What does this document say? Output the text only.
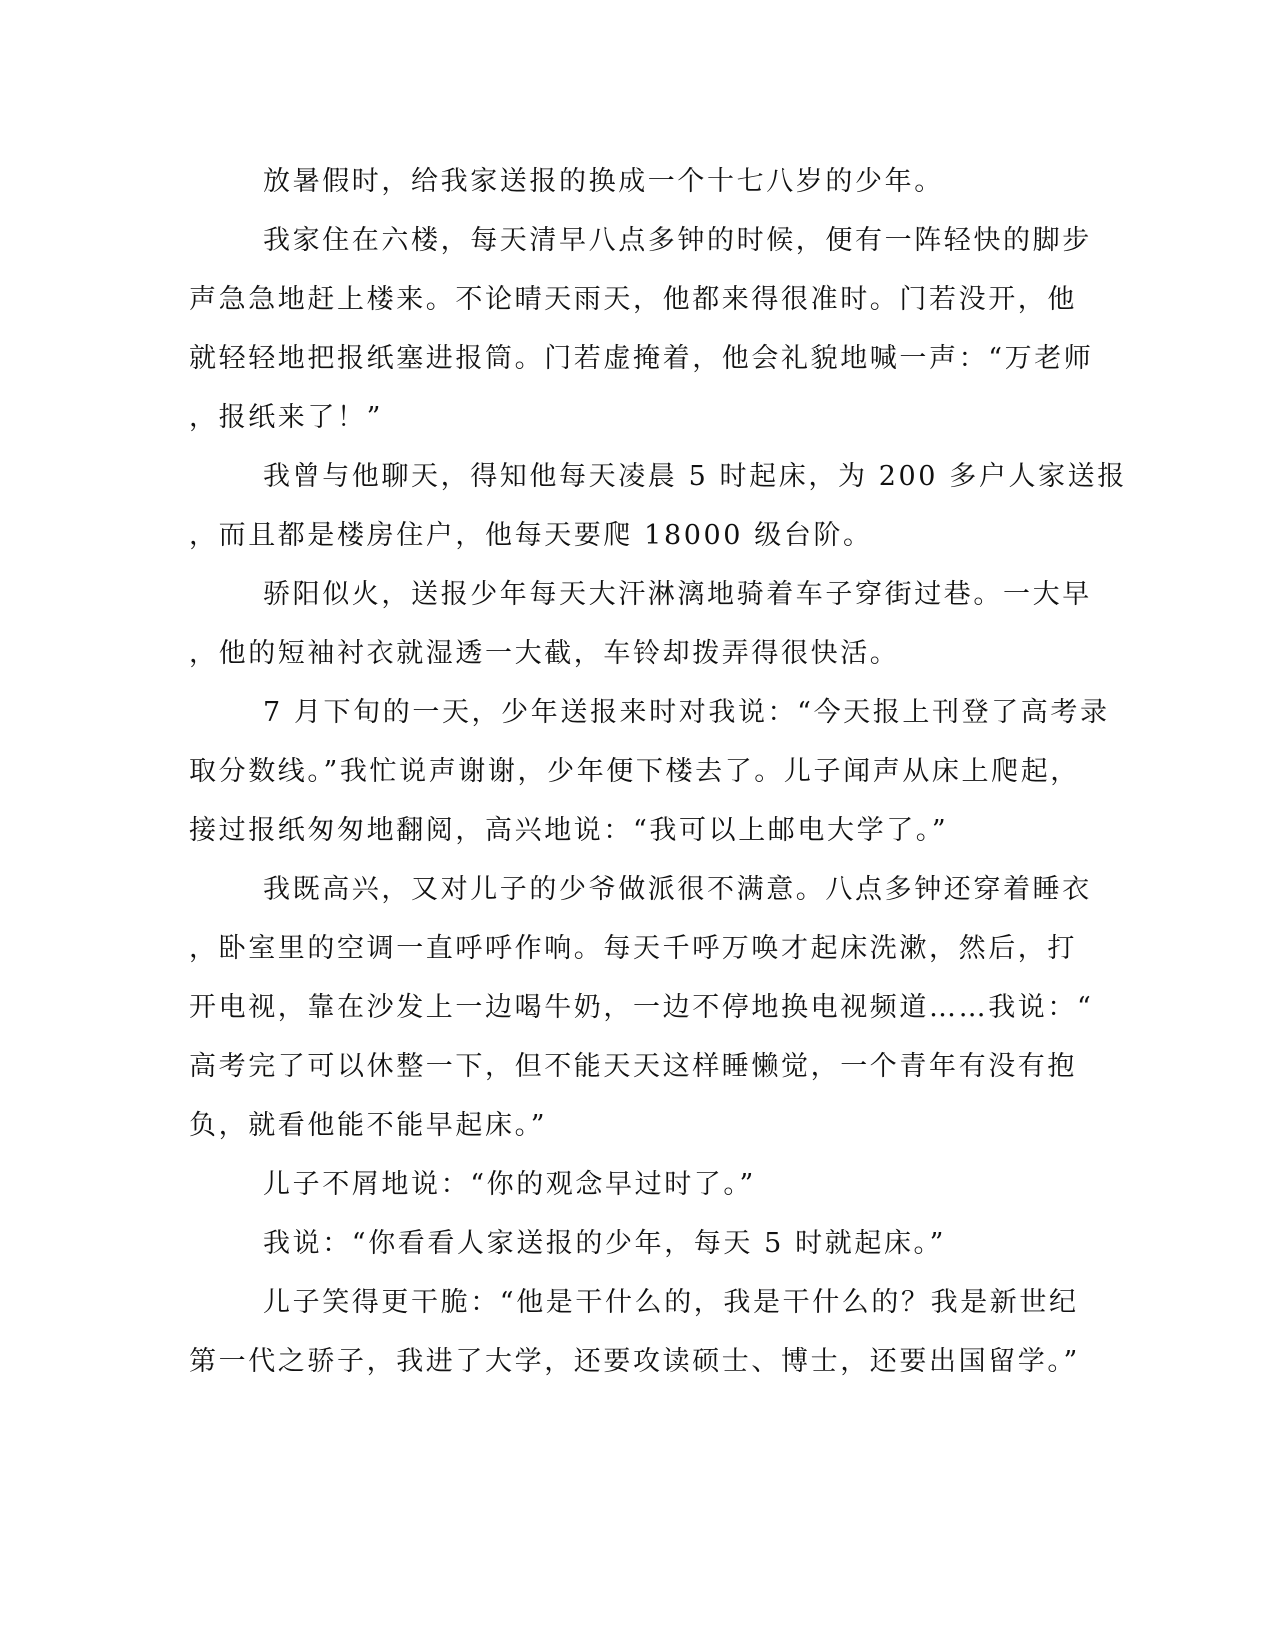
放暑假时，给我家送报的换成一个十七八岁的少年。
我家住在六楼，每天清早八点多钟的时候，便有一阵轻快的脚步
声急急地赶上楼来。不论晴天雨天，他都来得很准时。门若没开，他
就轻轻地把报纸塞进报筒。门若虚掩着，他会礼貌地喊一声：“万老师
，报纸来了！”
我曾与他聊天，得知他每天凌晨 5 时起床，为 200 多户人家送报
，而且都是楼房住户，他每天要爬 18000 级台阶。
骄阳似火，送报少年每天大汗淋漓地骑着车子穿街过巷。一大早
，他的短袖衬衣就湿透一大截，车铃却拨弄得很快活。
7 月下旬的一天，少年送报来时对我说：“今天报上刊登了高考录
取分数线。”我忙说声谢谢，少年便下楼去了。儿子闻声从床上爬起，
接过报纸匆匆地翻阅，高兴地说：“我可以上邮电大学了。”
我既高兴，又对儿子的少爷做派很不满意。八点多钟还穿着睡衣
，卧室里的空调一直呼呼作响。每天千呼万唤才起床洗漱，然后，打
开电视，靠在沙发上一边喝牛奶，一边不停地换电视频道……我说：“
高考完了可以休整一下，但不能天天这样睡懒觉，一个青年有没有抱
负，就看他能不能早起床。”
儿子不屑地说：“你的观念早过时了。”
我说：“你看看人家送报的少年，每天 5 时就起床。”
儿子笑得更干脆：“他是干什么的，我是干什么的？我是新世纪
第一代之骄子，我进了大学，还要攻读硕士、博士，还要出国留学。”
